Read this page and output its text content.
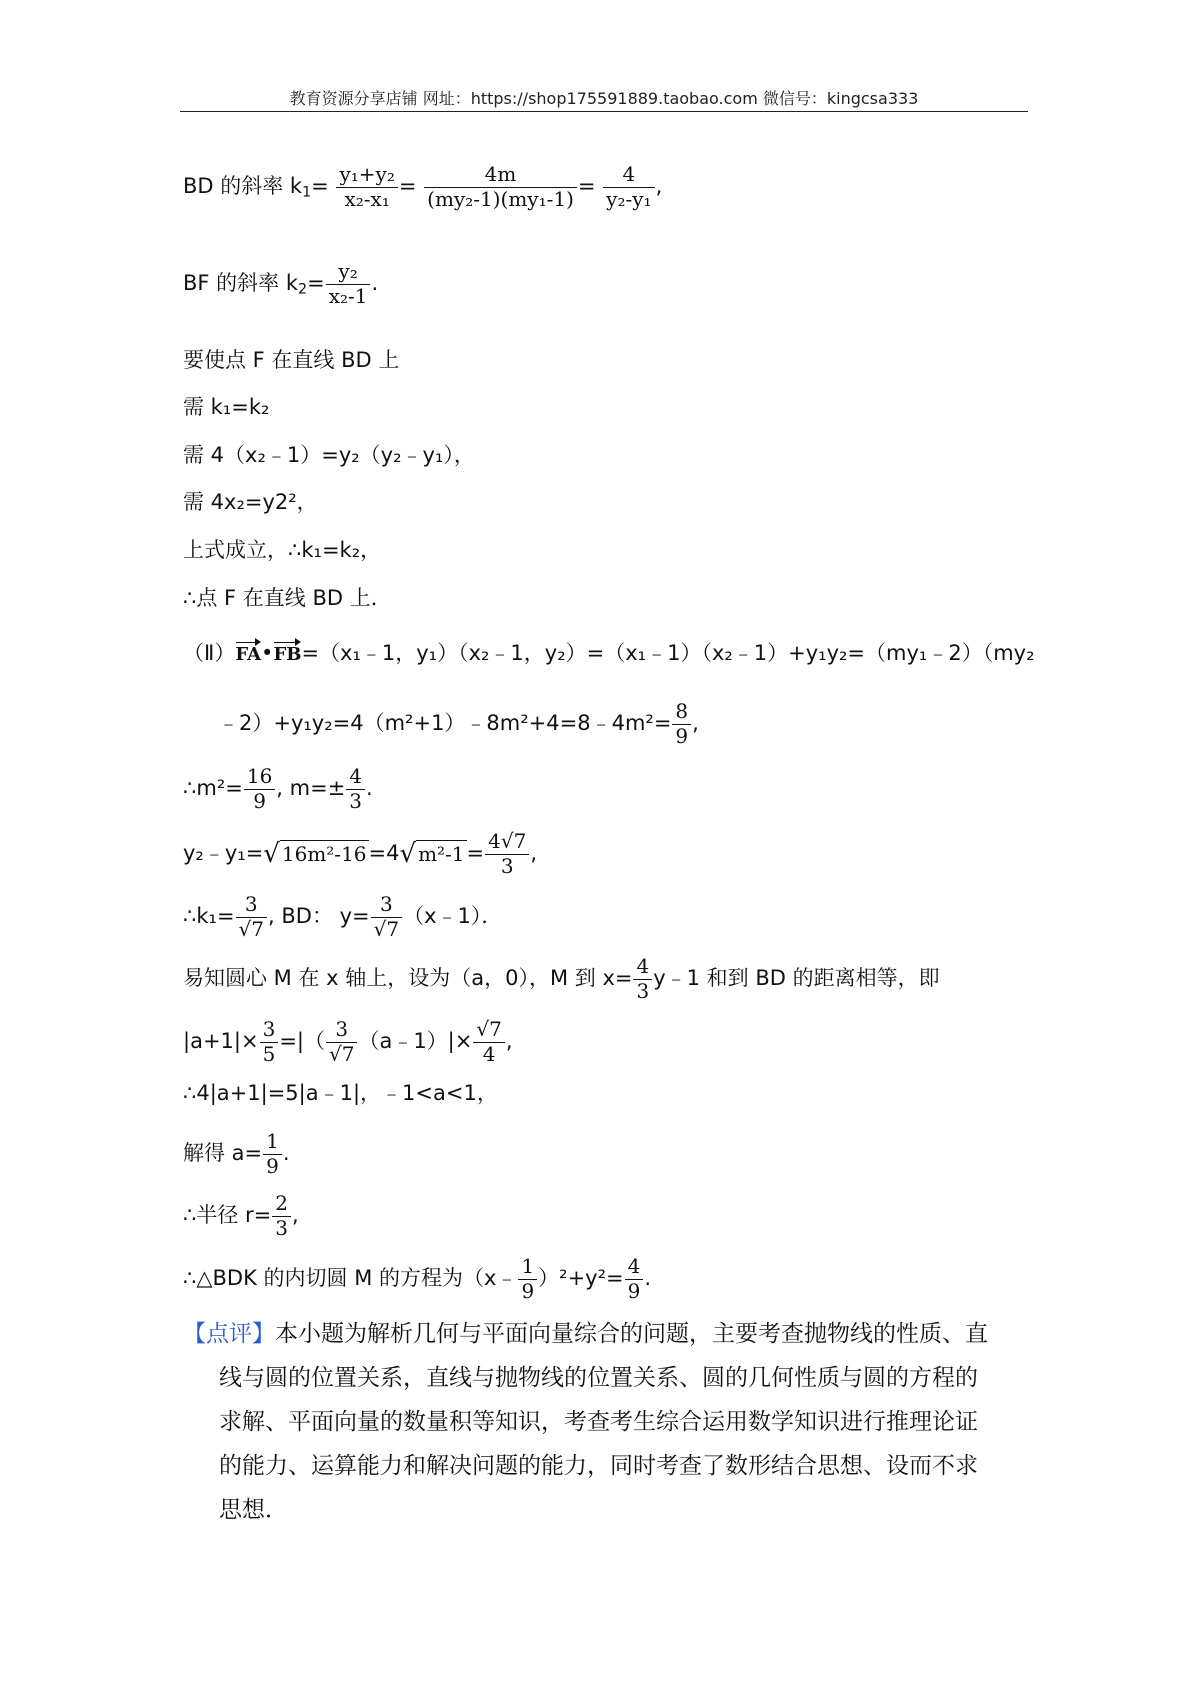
教育资源分享店铺 网址：https://shop175591889.taobao.com 微信号：kingcsa333
BD 的斜率 $k_1= \frac{\text{y₁+y₂}}{\text{x₂-x₁}} = \frac{4m}{\text{(my₂-1)(my₁-1)}} = \frac{4}{\text{y₂-y₁}}$ ,
BF 的斜率 $k_2= \frac{\text{y₂}}{\text{x₂-1}}$ .
要使点 F 在直线 BD 上
需 k₁=k₂
需 4（x₂﹣1）=y₂（y₂﹣y₁），
需 4x₂=y2²，
上式成立，∴k₁=k₂，
∴点 F 在直线 BD 上．
（Ⅱ）FA•FB=（x₁﹣1，y₁）（x₂﹣1，y₂）=（x₁﹣1）（x₂﹣1）+y₁y₂=（my₁﹣2）（my₂
﹣2）+y₁y₂=4（m²+1）﹣8m²+4=8﹣4m²= $\frac{8}{9}$ ,
∴m²= $\frac{16}{9}$ , $m=\pm \frac{4}{3}$ .
y₂﹣y₁=√ 16m²-16=4√ $m^2-1= \frac{4√7}{3}$ ,
∴k₁= $\frac{3}{√7}$ , BD： $y= \frac{3}{√7}$ （x﹣1）．
易知圆心 M 在 x 轴上，设为（a，0），M 到 $x= \frac{4}{3}$ y﹣1 和到 BD 的距离相等，即
$|a+1|\times \frac{3}{5}$ =|（ $\frac{3}{√7}$ （a﹣1）|× $\frac{√7}{4}$ ,
∴4|a+1|=5|a﹣1|，﹣1<a<1，
解得 $a= \frac{1}{9}$ .
∴半径 $r= \frac{2}{3}$ ,
∴△BDK 的内切圆 M 的方程为（x﹣ $\frac{1}{9} )^2+y^2= \frac{4}{9}$ .
【点评】本小题为解析几何与平面向量综合的问题，主要考查抛物线的性质、直
线与圆的位置关系，直线与抛物线的位置关系、圆的几何性质与圆的方程的
求解、平面向量的数量积等知识，考查考生综合运用数学知识进行推理论证
的能力、运算能力和解决问题的能力，同时考查了数形结合思想、设而不求
思想．
